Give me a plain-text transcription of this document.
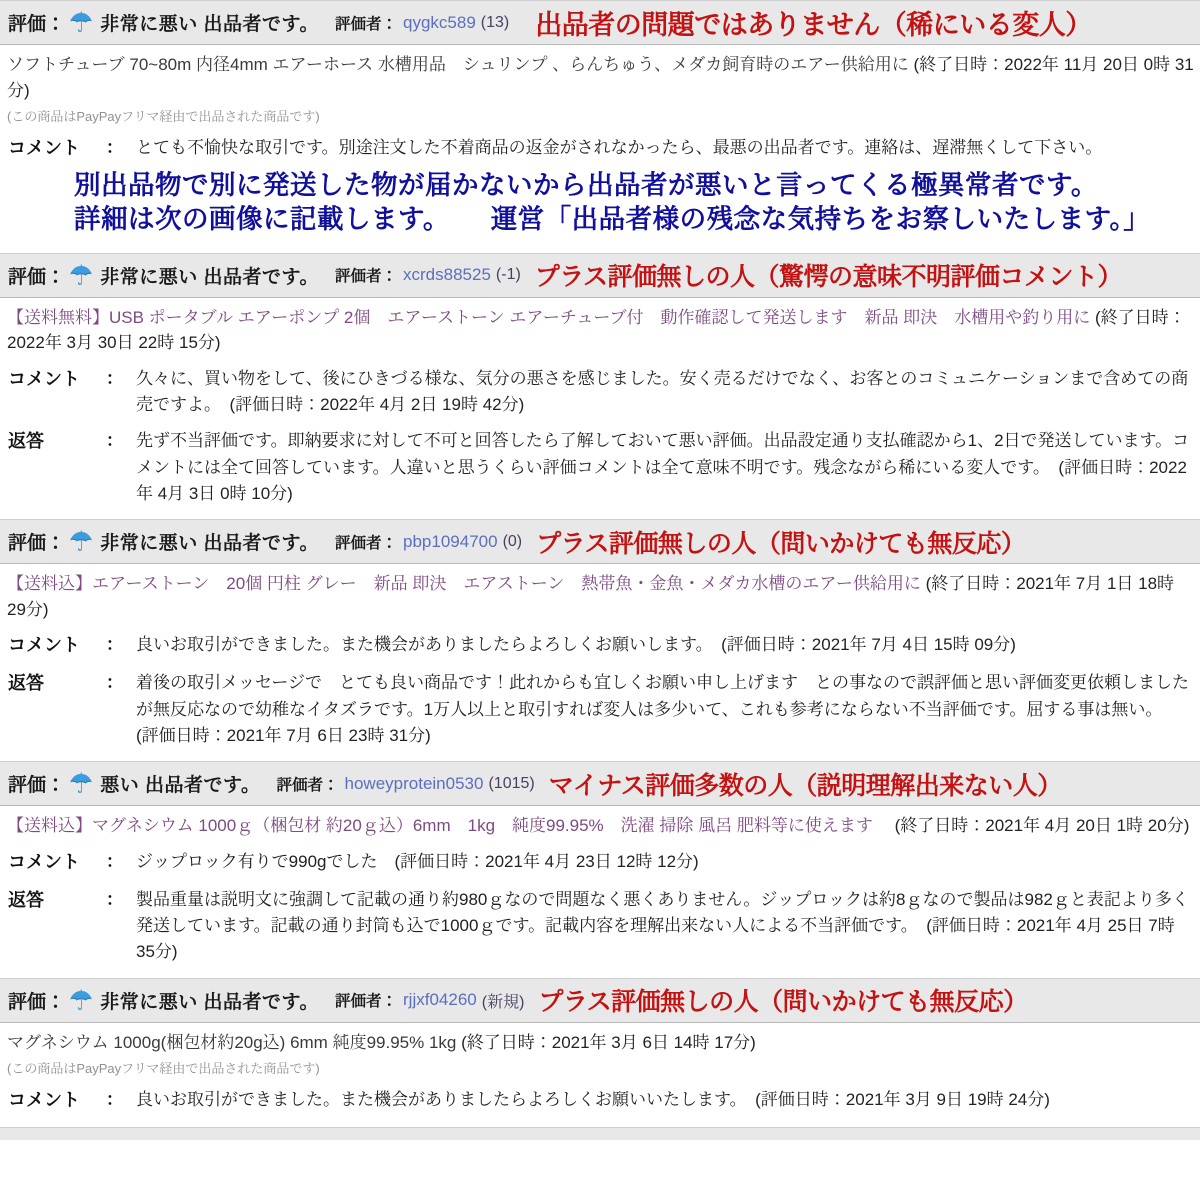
評価： ☂ 非常に悪い 出品者です。 評価者： qygkc589 (13) 出品者の問題ではありません（稀にいる変人）
ソフトチューブ 70~80m 内径4mm エアーホース 水槽用品　シュリンプ 、らんちゅう、メダカ飼育時のエアー供給用に (終了日時：2022年 11月 20日 0時 31分)
(この商品はPayPayフリマ経由で出品された商品です)
コメント	： とても不愉快な取引です。別途注文した不着商品の返金がされなかったら、最悪の出品者です。連絡は、遅滞無くして下さい。
別出品物で別に発送した物が届かないから出品者が悪いと言ってくる極異常者です。
詳細は次の画像に記載します。　　運営「出品者様の残念な気持ちをお察しいたします。」
評価： ☂ 非常に悪い 出品者です。 評価者： xcrds88525 (-1) プラス評価無しの人（驚愕の意味不明評価コメント）
【送料無料】USB ポータブル エアーポンプ 2個　エアーストーン エアーチューブ付　動作確認して発送します　新品 即決　水槽用や釣り用に (終了日時：2022年 3月 30日 22時 15分)
コメント	： 久々に、買い物をして、後にひきづる様な、気分の悪さを感じました。安く売るだけでなく、お客とのコミュニケーションまで含めての商売ですよ。　(評価日時：2022年 4月 2日 19時 42分)
返答	： 先ず不当評価です。即納要求に対して不可と回答したら了解しておいて悪い評価。出品設定通り支払確認から1、2日で発送しています。コメントには全て回答しています。人違いと思うくらい評価コメントは全て意味不明です。残念ながら稀にいる変人です。　(評価日時：2022年 4月 3日 0時 10分)
評価： ☂ 非常に悪い 出品者です。 評価者： pbp1094700 (0) プラス評価無しの人（問いかけても無反応）
【送料込】エアーストーン　20個 円柱 グレー　新品 即決　エアストーン　熱帯魚・金魚・メダカ水槽のエアー供給用に (終了日時：2021年 7月 1日 18時 29分)
コメント	： 良いお取引ができました。また機会がありましたらよろしくお願いします。　(評価日時：2021年 7月 4日 15時 09分)
返答	： 着後の取引メッセージで　とても良い商品です！此れからも宜しくお願い申し上げます　との事なので誤評価と思い評価変更依頼しましたが無反応なので幼稚なイタズラです。1万人以上と取引すれば変人は多少いて、これも参考にならない不当評価です。屈する事は無い。　(評価日時：2021年 7月 6日 23時 31分)
評価： ☂ 悪い 出品者です。 評価者： howeyprotein0530 (1015) マイナス評価多数の人（説明理解出来ない人）
【送料込】マグネシウム 1000ｇ（梱包材 約20ｇ込）6mm　1kg　純度99.95%　洗濯 掃除 風呂 肥料等に使えます　 (終了日時：2021年 4月 20日 1時 20分)
コメント	： ジップロック有りで990gでした　(評価日時：2021年 4月 23日 12時 12分)
返答	： 製品重量は説明文に強調して記載の通り約980ｇなので問題なく悪くありません。ジップロックは約8ｇなので製品は982ｇと表記より多く発送しています。記載の通り封筒も込で1000ｇです。記載内容を理解出来ない人による不当評価です。　(評価日時：2021年 4月 25日 7時 35分)
評価： ☂ 非常に悪い 出品者です。 評価者： rjjxf04260 (新規) プラス評価無しの人（問いかけても無反応）
マグネシウム 1000g(梱包材約20g込) 6mm 純度99.95% 1kg (終了日時：2021年 3月 6日 14時 17分)
(この商品はPayPayフリマ経由で出品された商品です)
コメント	： 良いお取引ができました。また機会がありましたらよろしくお願いいたします。　(評価日時：2021年 3月 9日 19時 24分)
